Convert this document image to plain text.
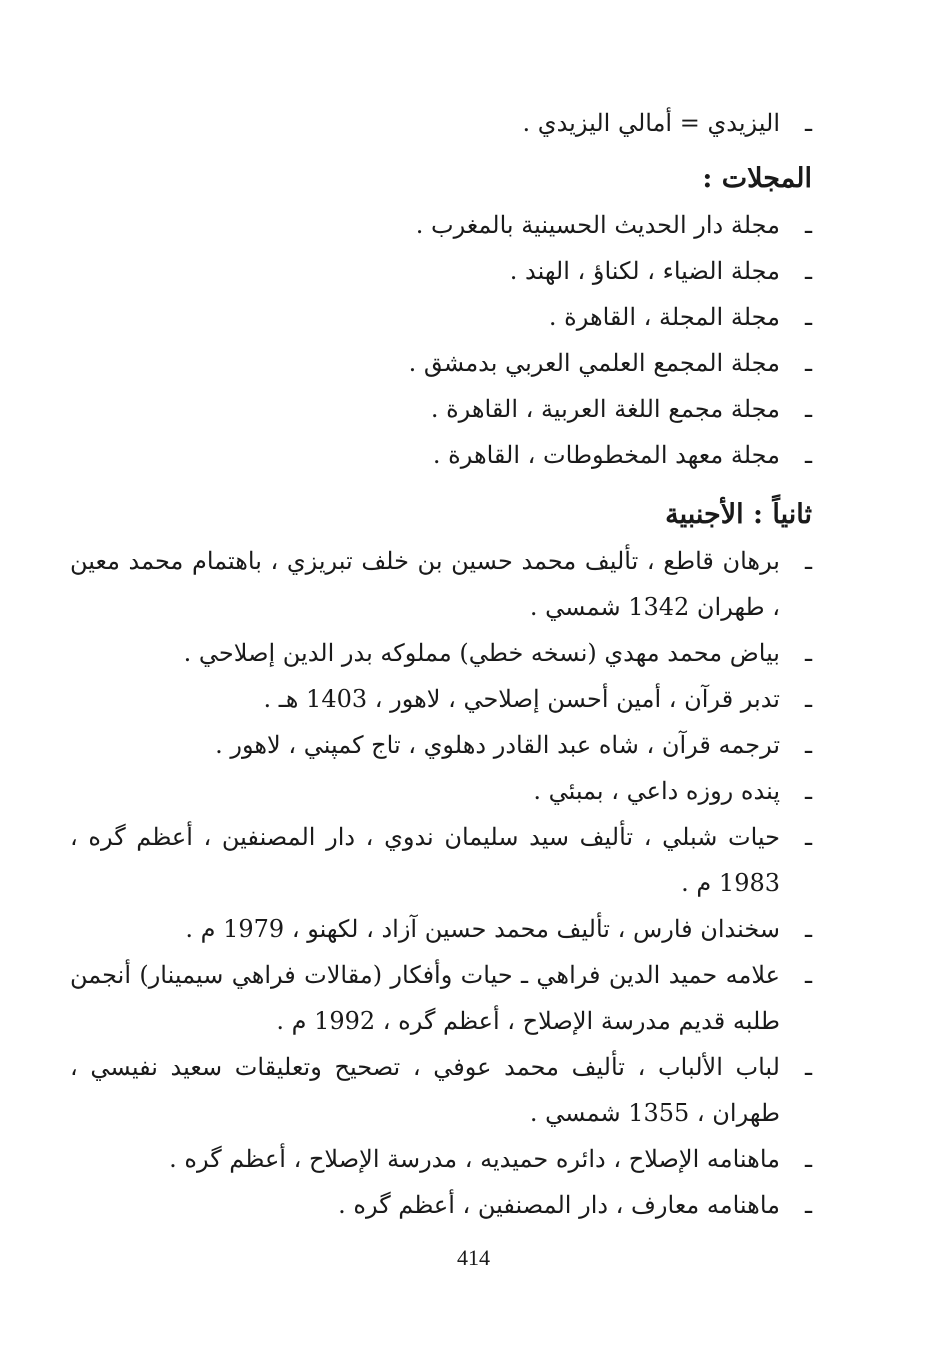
ـاليزيدي = أمالي اليزيدي .

المجلات :

ـمجلة دار الحديث الحسينية بالمغرب .

ـمجلة الضياء ، لكناؤ ، الهند .

ـمجلة المجلة ، القاهرة .

ـمجلة المجمع العلمي العربي بدمشق .

ـمجلة مجمع اللغة العربية ، القاهرة .

ـمجلة معهد المخطوطات ، القاهرة .

ثانياً : الأجنبية

ـبرهان قاطع ، تأليف محمد حسين بن خلف تبريزي ، باهتمام محمد معين ، طهران 1342 شمسي .

ـبياض محمد مهدي (نسخه خطي) مملوكه بدر الدين إصلاحي .

ـتدبر قرآن ، أمين أحسن إصلاحي ، لاهور ، 1403 هـ .

ـترجمه قرآن ، شاه عبد القادر دهلوي ، تاج كمپني ، لاهور .

ـپنده روزه داعي ، بمبئي .

ـحيات شبلي ، تأليف سيد سليمان ندوي ، دار المصنفين ، أعظم گره ، 1983 م .

ـسخندان فارس ، تأليف محمد حسين آزاد ، لكهنو ، 1979 م .

ـعلامه حميد الدين فراهي ـ حيات وأفكار (مقالات فراهي سيمينار) أنجمن طلبه قديم مدرسة الإصلاح ، أعظم گره ، 1992 م .

ـلباب الألباب ، تأليف محمد عوفي ، تصحيح وتعليقات سعيد نفيسي ، طهران ، 1355 شمسي .

ـماهنامه الإصلاح ، دائره حميديه ، مدرسة الإصلاح ، أعظم گره .

ـماهنامه معارف ، دار المصنفين ، أعظم گره .

414
